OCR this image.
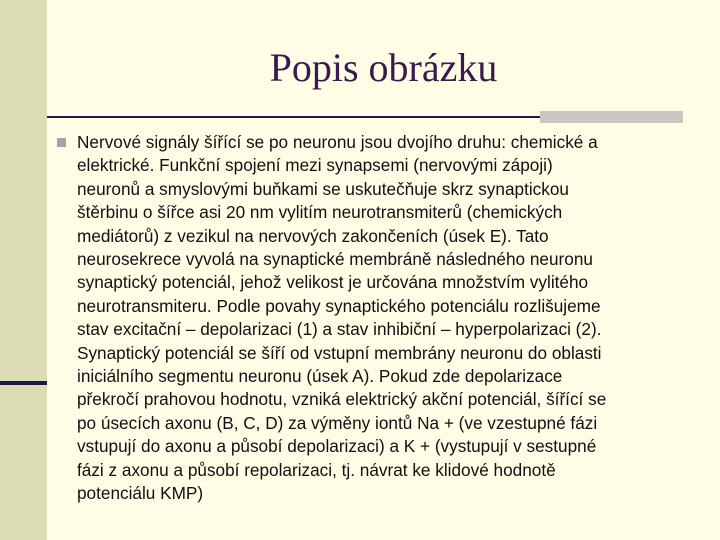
Popis obrázku
Nervové signály šířící se po neuronu jsou dvojího druhu: chemické a
elektrické. Funkční spojení mezi synapsemi (nervovými zápoji)
neuronů a smyslovými buňkami se uskutečňuje skrz synaptickou
štěrbinu o šířce asi 20 nm vylitím neurotransmiterů (chemických
mediátorů) z vezikul na nervových zakončeních (úsek E). Tato
neurosekrece vyvolá na synaptické membráně následného neuronu
synaptický potenciál, jehož velikost je určována množstvím vylitého
neurotransmiteru. Podle povahy synaptického potenciálu rozlišujeme
stav excitační – depolarizaci (1) a stav inhibiční – hyperpolarizaci (2).
Synaptický potenciál se šíří od vstupní membrány neuronu do oblasti
iniciálního segmentu neuronu (úsek A). Pokud zde depolarizace
překročí prahovou hodnotu, vzniká elektrický akční potenciál, šířící se
po úsecích axonu (B, C, D) za výměny iontů Na + (ve vzestupné fázi
vstupují do axonu a působí depolarizaci) a K + (vystupují v sestupné
fázi z axonu a působí repolarizaci, tj. návrat ke klidové hodnotě
potenciálu KMP)
